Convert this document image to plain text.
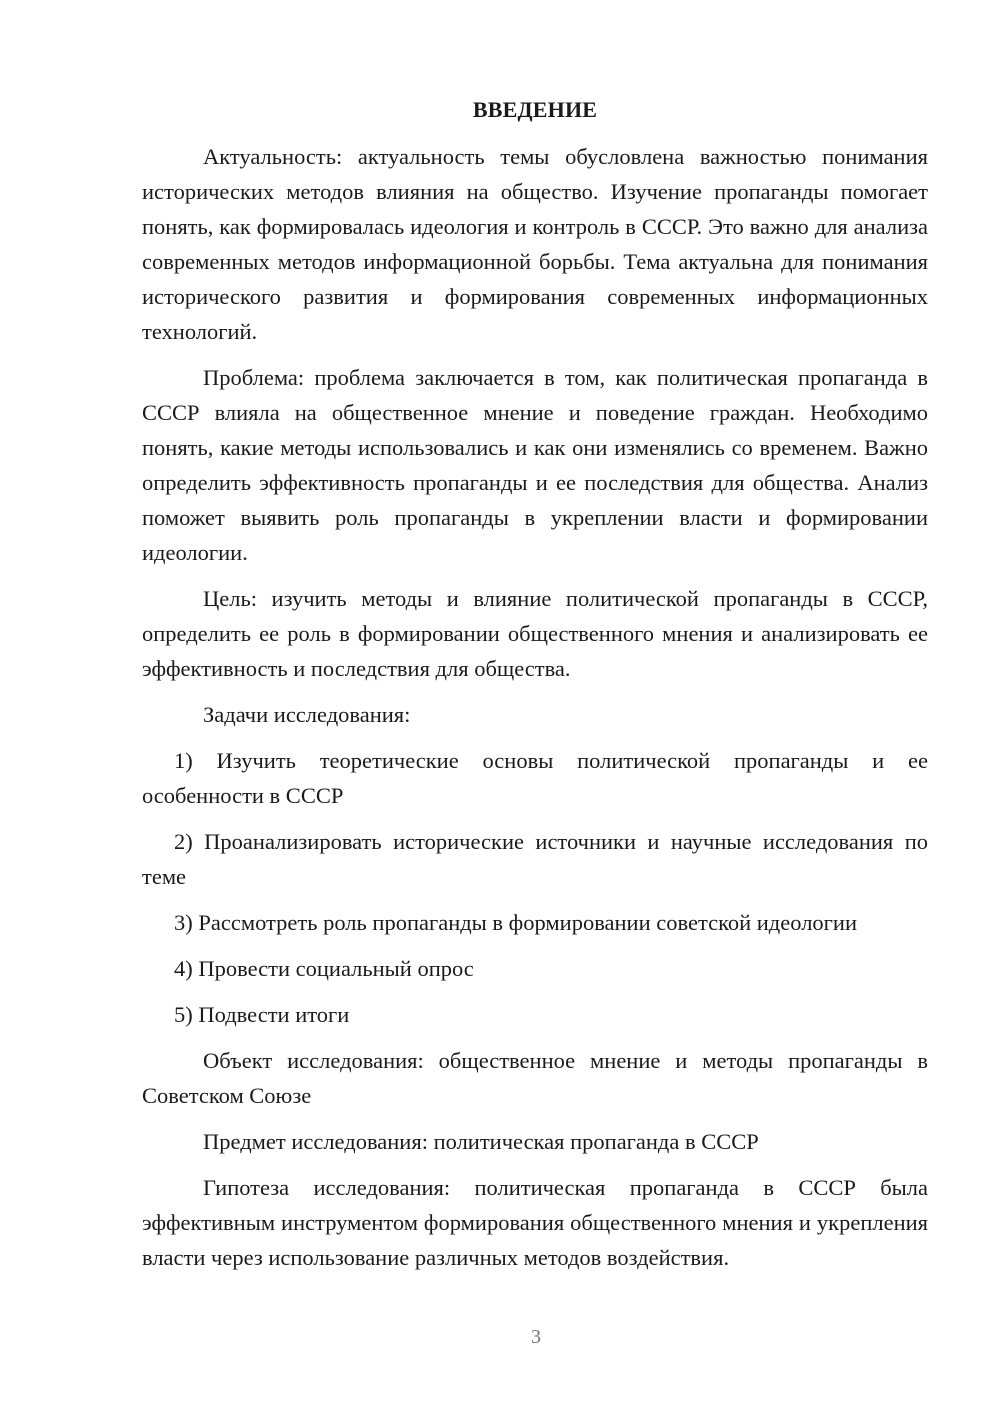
ВВЕДЕНИЕ

Актуальность: актуальность темы обусловлена важностью понимания исторических методов влияния на общество. Изучение пропаганды помогает понять, как формировалась идеология и контроль в СССР. Это важно для анализа современных методов информационной борьбы. Тема актуальна для понимания исторического развития и формирования современных информационных технологий.

Проблема: проблема заключается в том, как политическая пропаганда в СССР влияла на общественное мнение и поведение граждан. Необходимо понять, какие методы использовались и как они изменялись со временем. Важно определить эффективность пропаганды и ее последствия для общества. Анализ поможет выявить роль пропаганды в укреплении власти и формировании идеологии.

Цель: изучить методы и влияние политической пропаганды в СССР, определить ее роль в формировании общественного мнения и анализировать ее эффективность и последствия для общества.

Задачи исследования:

1) Изучить теоретические основы политической пропаганды и ее особенности в СССР

2) Проанализировать исторические источники и научные исследования по теме

3) Рассмотреть роль пропаганды в формировании советской идеологии

4) Провести социальный опрос

5) Подвести итоги

Объект исследования: общественное мнение и методы пропаганды в Советском Союзе

Предмет исследования: политическая пропаганда в СССР

Гипотеза исследования: политическая пропаганда в СССР была эффективным инструментом формирования общественного мнения и укрепления власти через использование различных методов воздействия.

3
